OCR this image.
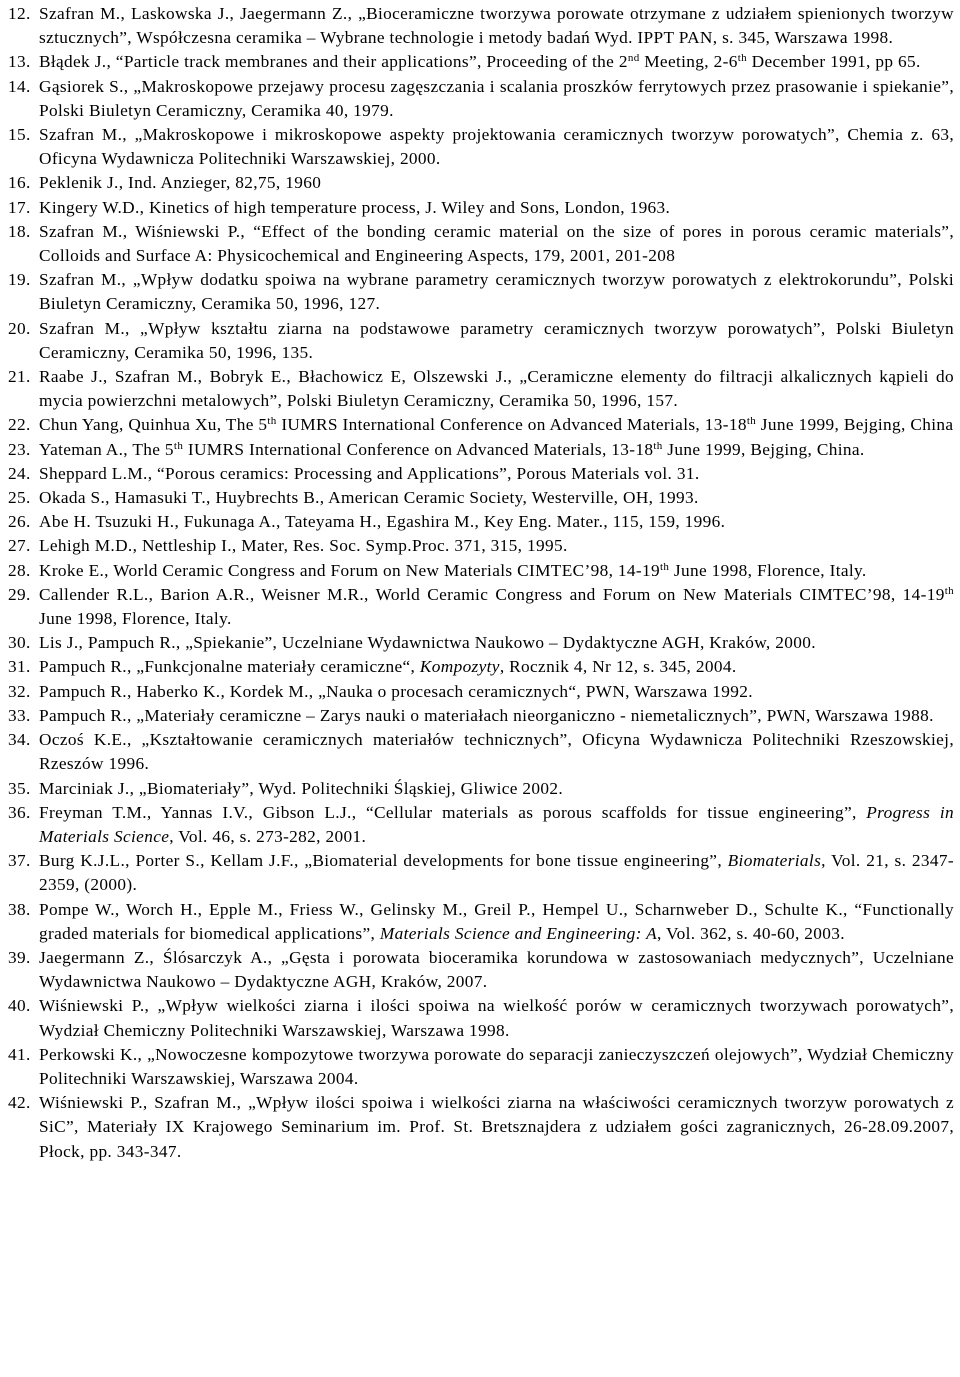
12. Szafran M., Laskowska J., Jaegermann Z., „Bioceramiczne tworzywa porowate otrzymane z udziałem spienionych tworzyw sztucznych”, Współczesna ceramika – Wybrane technologie i metody badań Wyd. IPPT PAN, s. 345, Warszawa 1998.
13. Błądek J., “Particle track membranes and their applications”, Proceeding of the 2nd Meeting, 2-6th December 1991, pp 65.
14. Gąsiorek S., „Makroskopowe przejawy procesu zagęszczania i scalania proszków ferrytowych przez prasowanie i spiekanie”, Polski Biuletyn Ceramiczny, Ceramika 40, 1979.
15. Szafran M., „Makroskopowe i mikroskopowe aspekty projektowania ceramicznych tworzyw porowatych”, Chemia z. 63, Oficyna Wydawnicza Politechniki Warszawskiej, 2000.
16. Peklenik J., Ind. Anzieger, 82,75, 1960
17. Kingery W.D., Kinetics of high temperature process, J. Wiley and Sons, London, 1963.
18. Szafran M., Wiśniewski P., “Effect of the bonding ceramic material on the size of pores in porous ceramic materials”, Colloids and Surface A: Physicochemical and Engineering Aspects, 179, 2001, 201-208
19. Szafran M., „Wpływ dodatku spoiwa na wybrane parametry ceramicznych tworzyw porowatych z elektrokorundu”, Polski Biuletyn Ceramiczny, Ceramika 50, 1996, 127.
20. Szafran M., „Wpływ kształtu ziarna na podstawowe parametry ceramicznych tworzyw porowatych”, Polski Biuletyn Ceramiczny, Ceramika 50, 1996, 135.
21. Raabe J., Szafran M., Bobryk E., Błachowicz E, Olszewski J., „Ceramiczne elementy do filtracji alkalicznych kąpieli do mycia powierzchni metalowych”, Polski Biuletyn Ceramiczny, Ceramika 50, 1996, 157.
22. Chun Yang, Quinhua Xu, The 5th IUMRS International Conference on Advanced Materials, 13-18th June 1999, Bejging, China
23. Yateman A., The 5th IUMRS International Conference on Advanced Materials, 13-18th June 1999, Bejging, China.
24. Sheppard L.M., “Porous ceramics: Processing and Applications”, Porous Materials vol. 31.
25. Okada S., Hamasuki T., Huybrechts B., American Ceramic Society, Westerville, OH, 1993.
26. Abe H. Tsuzuki H., Fukunaga A., Tateyama H., Egashira M., Key Eng. Mater., 115, 159, 1996.
27. Lehigh M.D., Nettleship I., Mater, Res. Soc. Symp.Proc. 371, 315, 1995.
28. Kroke E., World Ceramic Congress and Forum on New Materials CIMTEC’98, 14-19th June 1998, Florence, Italy.
29. Callender R.L., Barion A.R., Weisner M.R., World Ceramic Congress and Forum on New Materials CIMTEC’98, 14-19th June 1998, Florence, Italy.
30. Lis J., Pampuch R., „Spiekanie”, Uczelniane Wydawnictwa Naukowo – Dydaktyczne AGH, Kraków, 2000.
31. Pampuch R., „Funkcjonalne materiały ceramiczne“, Kompozyty, Rocznik 4, Nr 12, s. 345, 2004.
32. Pampuch R., Haberko K., Kordek M., „Nauka o procesach ceramicznych“, PWN, Warszawa 1992.
33. Pampuch R., „Materiały ceramiczne – Zarys nauki o materiałach nieorganiczno - niemetalicznych”, PWN, Warszawa 1988.
34. Oczoś K.E., „Kształtowanie ceramicznych materiałów technicznych”, Oficyna Wydawnicza Politechniki Rzeszowskiej, Rzeszów 1996.
35. Marciniak J., „Biomateriały”, Wyd. Politechniki Śląskiej, Gliwice 2002.
36. Freyman T.M., Yannas I.V., Gibson L.J., “Cellular materials as porous scaffolds for tissue engineering”, Progress in Materials Science, Vol. 46, s. 273-282, 2001.
37. Burg K.J.L., Porter S., Kellam J.F., „Biomaterial developments for bone tissue engineering”, Biomaterials, Vol. 21, s. 2347-2359, (2000).
38. Pompe W., Worch H., Epple M., Friess W., Gelinsky M., Greil P., Hempel U., Scharnweber D., Schulte K., “Functionally graded materials for biomedical applications”, Materials Science and Engineering: A, Vol. 362, s. 40-60, 2003.
39. Jaegermann Z., Ślósarczyk A., „Gęsta i porowata bioceramika korundowa w zastosowaniach medycznych”, Uczelniane Wydawnictwa Naukowo – Dydaktyczne AGH, Kraków, 2007.
40. Wiśniewski P., „Wpływ wielkości ziarna i ilości spoiwa na wielkość porów w ceramicznych tworzywach porowatych”, Wydział Chemiczny Politechniki Warszawskiej, Warszawa 1998.
41. Perkowski K., „Nowoczesne kompozytowe tworzywa porowate do separacji zanieczyszczeń olejowych”, Wydział Chemiczny Politechniki Warszawskiej, Warszawa 2004.
42. Wiśniewski P., Szafran M., „Wpływ ilości spoiwa i wielkości ziarna na właściwości ceramicznych tworzyw porowatych z SiC”, Materiały IX Krajowego Seminarium im. Prof. St. Bretsznajdera z udziałem gości zagranicznych, 26-28.09.2007, Płock, pp. 343-347.
